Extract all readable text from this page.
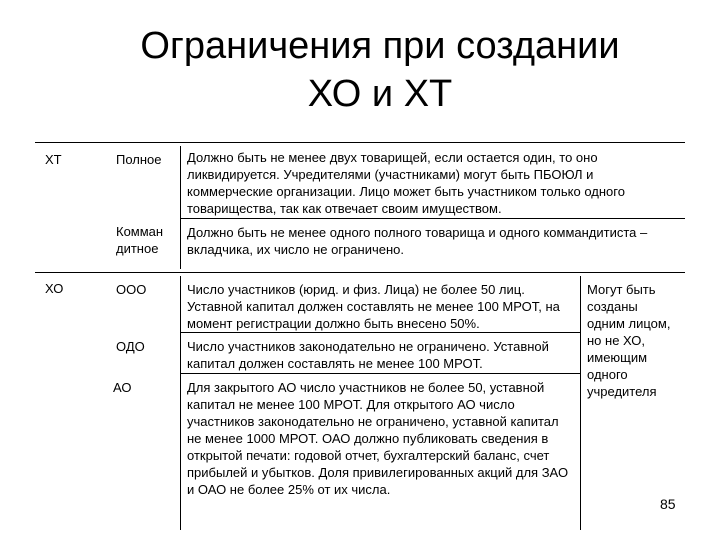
Ограничения при создании
ХО и ХТ
ХТ
ХО
Полное
Комман дитное
ООО
ОДО
АО
Должно быть не менее двух товарищей, если остается один, то оно ликвидируется. Учредителями (участниками) могут быть ПБОЮЛ и коммерческие организации. Лицо может быть участником только одного товарищества, так как отвечает своим имуществом.
Должно быть не менее одного полного товарища и одного коммандитиста – вкладчика, их число не ограничено.
Число участников (юрид. и физ. Лица) не более 50 лиц. Уставной капитал должен составлять не менее 100 МРОТ, на момент регистрации должно быть внесено 50%.
Число участников законодательно не ограничено. Уставной капитал должен составлять не менее 100 МРОТ.
Для закрытого АО число участников не более 50, уставной капитал не менее 100 МРОТ. Для открытого АО число участников законодательно не ограничено, уставной капитал не менее 1000 МРОТ. ОАО должно публиковать сведения в открытой печати: годовой отчет, бухгалтерский баланс, счет прибылей и убытков. Доля привилегированных акций для ЗАО и ОАО не более 25% от их числа.
Могут быть созданы одним лицом, но не ХО, имеющим одного учредителя
85
